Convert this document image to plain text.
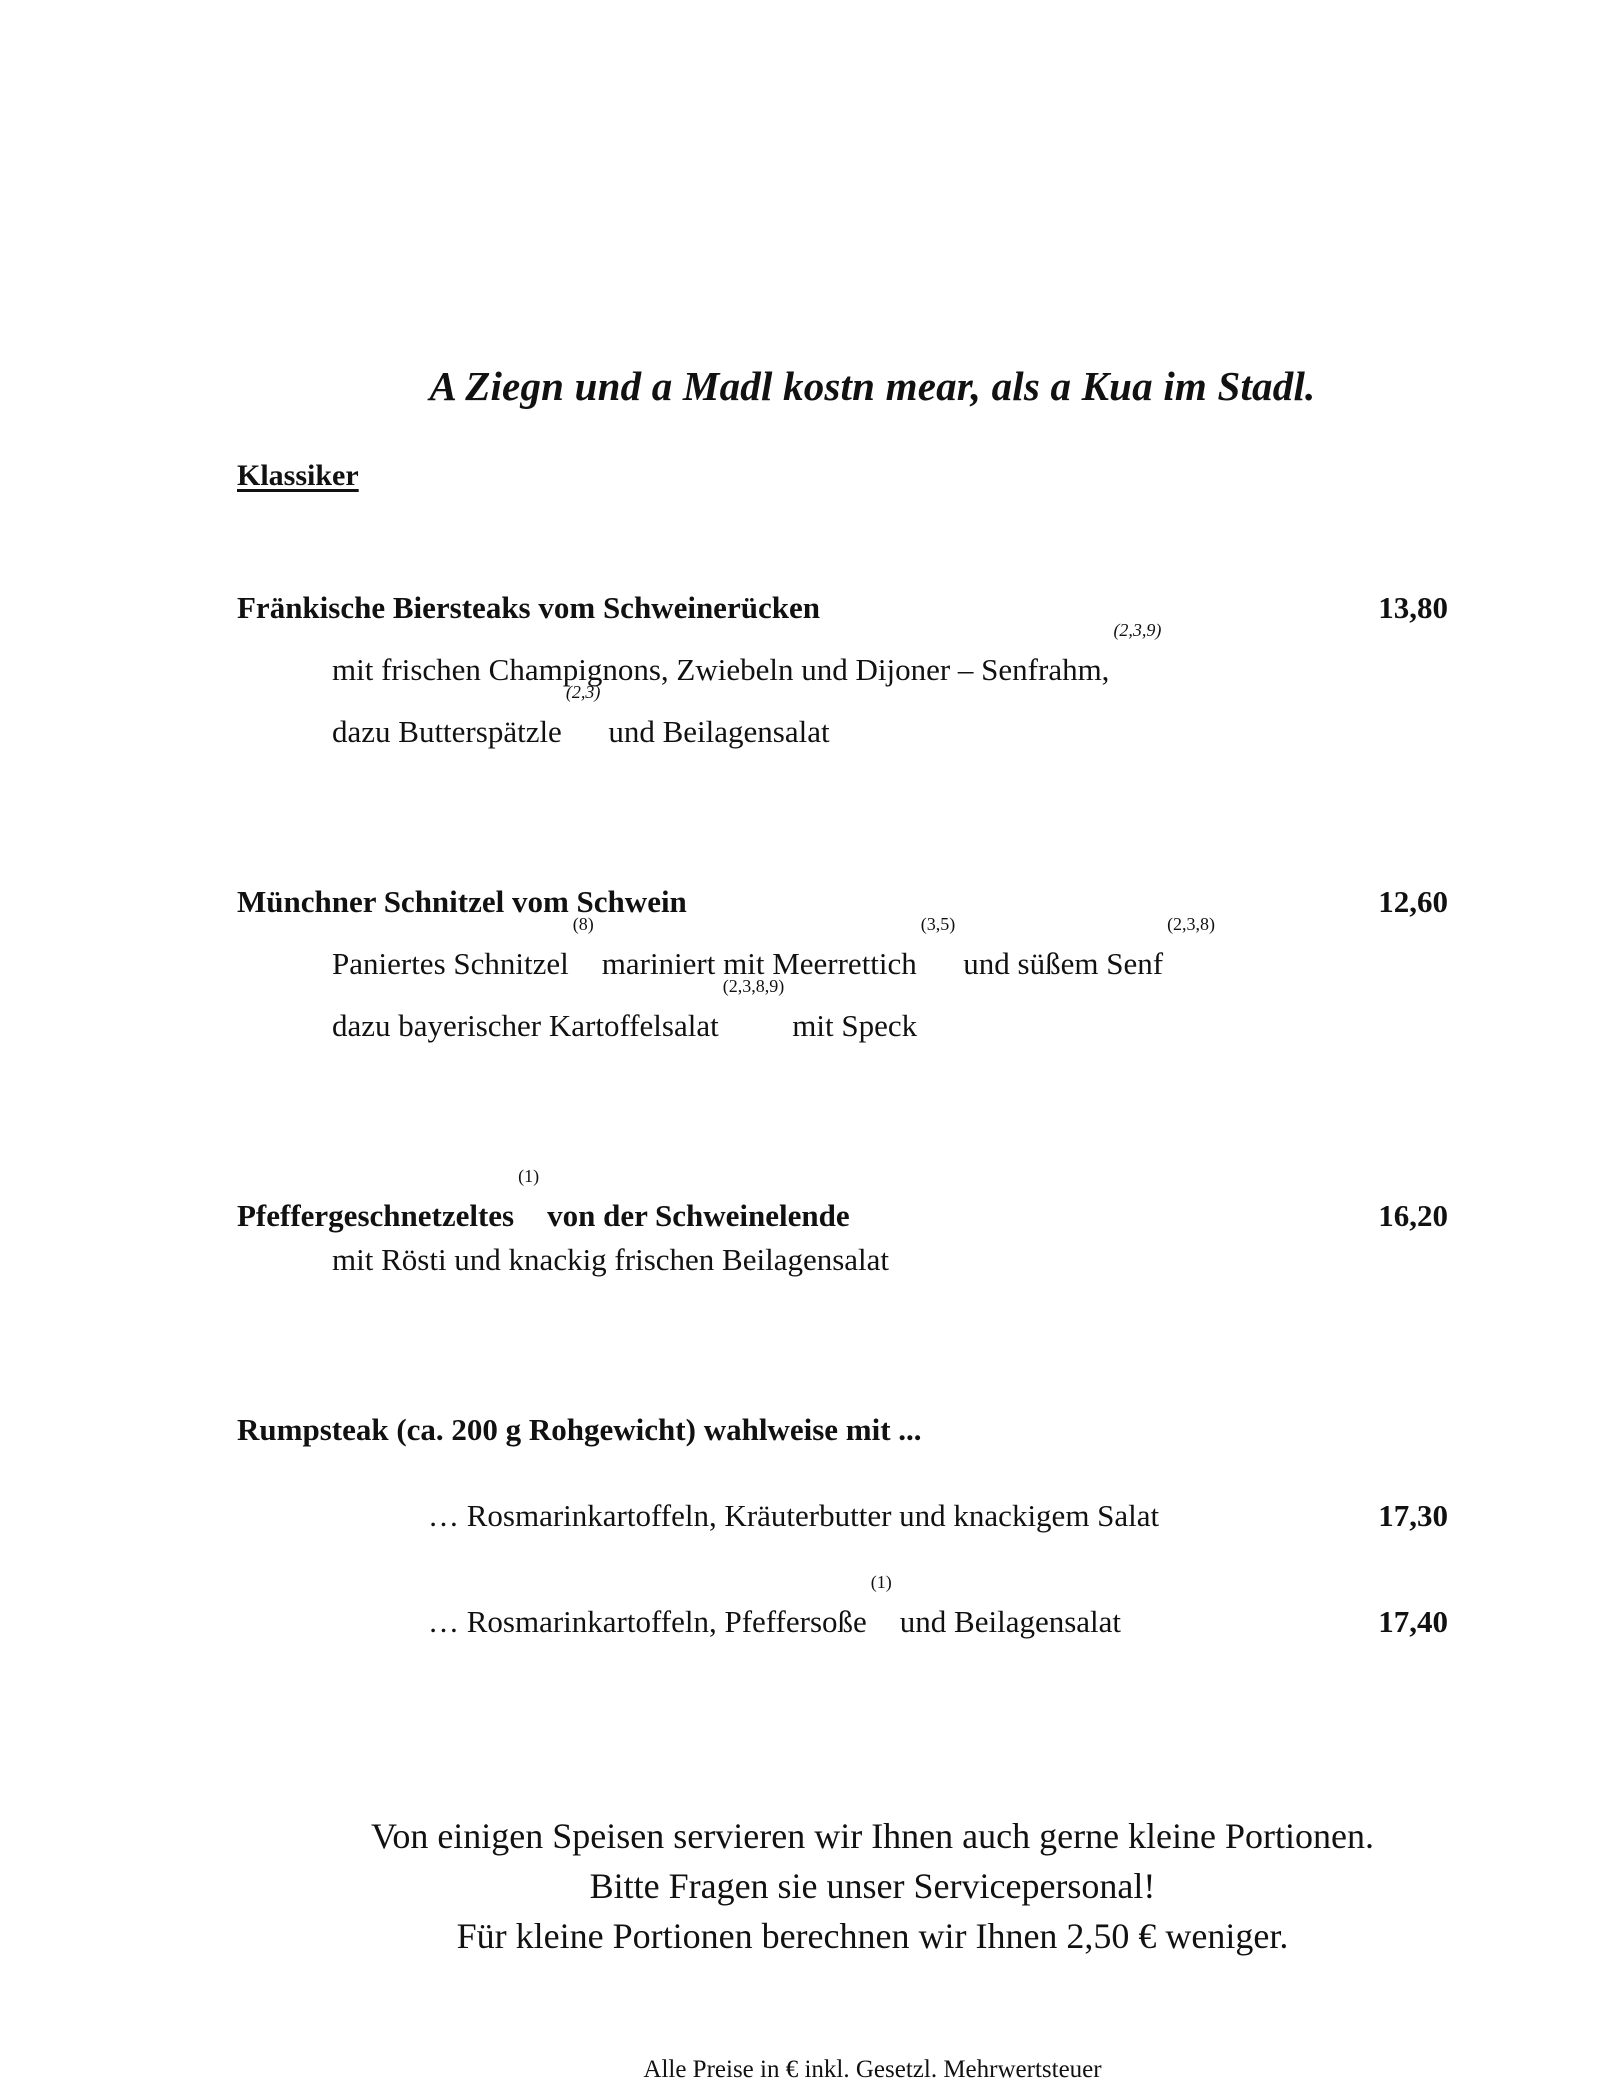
A Ziegn und a Madl kostn mear, als a Kua im Stadl.
Klassiker
Fränkische Biersteaks vom Schweinerücken	13,80
mit frischen Champignons, Zwiebeln und Dijoner – Senfrahm,(2,3,9)
dazu Butterspätzle(2,3)und Beilagensalat
Münchner Schnitzel vom Schwein	12,60
Paniertes Schnitzel(8)mariniert mit Meerrettich(3,5)und süßem Senf(2,3,8)
dazu bayerischer Kartoffelsalat(2,3,8,9)mit Speck
Pfeffergeschnetzeltes(1)von der Schweinelende	16,20
mit Rösti und knackig frischen Beilagensalat
Rumpsteak (ca. 200 g Rohgewicht) wahlweise mit ...
… Rosmarinkartoffeln, Kräuterbutter und knackigem Salat	17,30
… Rosmarinkartoffeln, Pfeffersoße(1)und Beilagensalat	17,40
Von einigen Speisen servieren wir Ihnen auch gerne kleine Portionen.
Bitte Fragen sie unser Servicepersonal!
Für kleine Portionen berechnen wir Ihnen 2,50 € weniger.
Alle Preise in € inkl. Gesetzl. Mehrwertsteuer
